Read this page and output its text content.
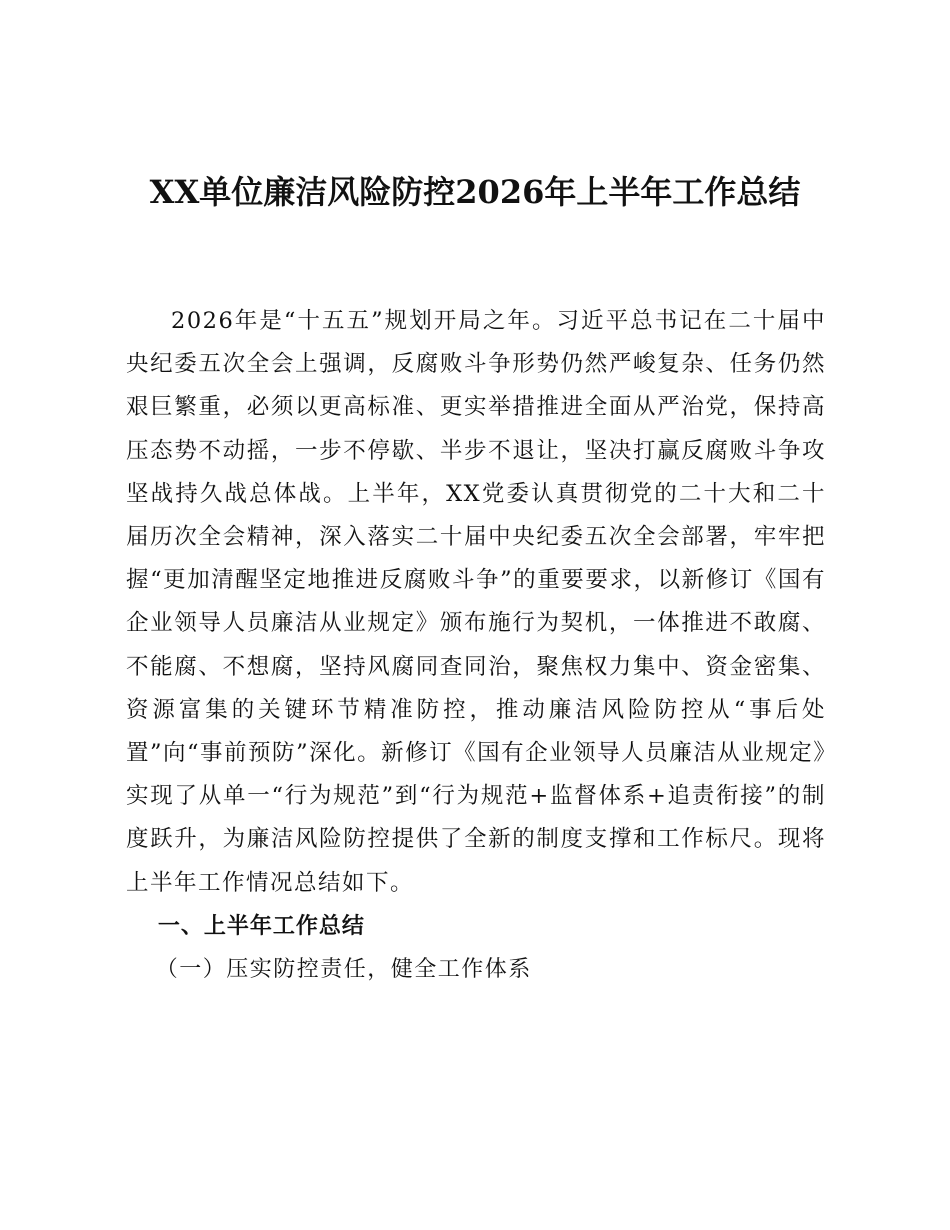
XX单位廉洁风险防控2026年上半年工作总结

2026年是“十五五”规划开局之年。习近平总书记在二十届中央纪委五次全会上强调，反腐败斗争形势仍然严峻复杂、任务仍然艰巨繁重，必须以更高标准、更实举措推进全面从严治党，保持高压态势不动摇，一步不停歇、半步不退让，坚决打赢反腐败斗争攻坚战持久战总体战。上半年，XX党委认真贯彻党的二十大和二十届历次全会精神，深入落实二十届中央纪委五次全会部署，牢牢把握“更加清醒坚定地推进反腐败斗争”的重要要求，以新修订《国有企业领导人员廉洁从业规定》颁布施行为契机，一体推进不敢腐、不能腐、不想腐，坚持风腐同查同治，聚焦权力集中、资金密集、资源富集的关键环节精准防控，推动廉洁风险防控从“事后处置”向“事前预防”深化。新修订《国有企业领导人员廉洁从业规定》实现了从单一“行为规范”到“行为规范+监督体系+追责衔接”的制度跃升，为廉洁风险防控提供了全新的制度支撑和工作标尺。现将上半年工作情况总结如下。

一、上半年工作总结

（一）压实防控责任，健全工作体系
